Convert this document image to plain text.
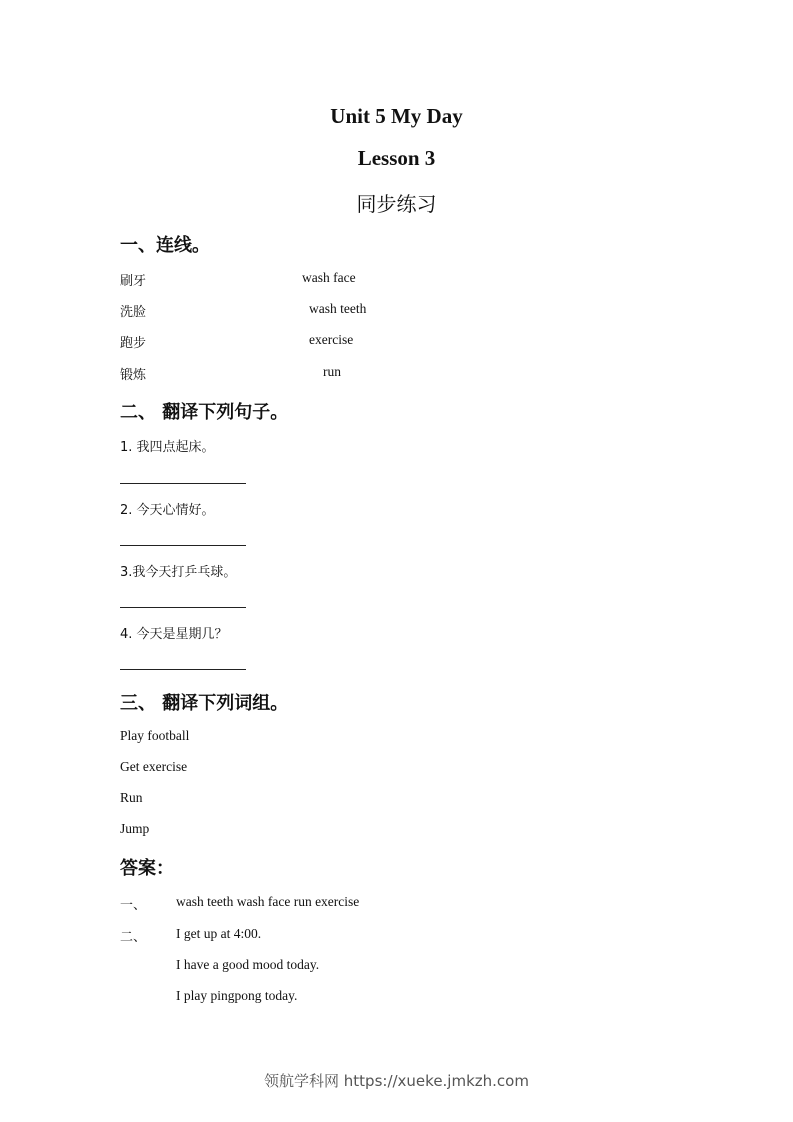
Unit 5 My Day
Lesson 3
同步练习
一、连线。
刷牙
洗脸
跑步
锻炼
wash face
wash teeth
exercise
run
二、 翻译下列句子。
1. 我四点起床。
2. 今天心情好。
3.我今天打乒乓球。
4. 今天是星期几？
三、 翻译下列词组。
Play football
Get exercise
Run
Jump
答案：
一、 wash teeth wash face run exercise
二、 I get up at 4:00.
I have a good mood today.
I play pingpong today.
领航学科网 https://xueke.jmkzh.com
